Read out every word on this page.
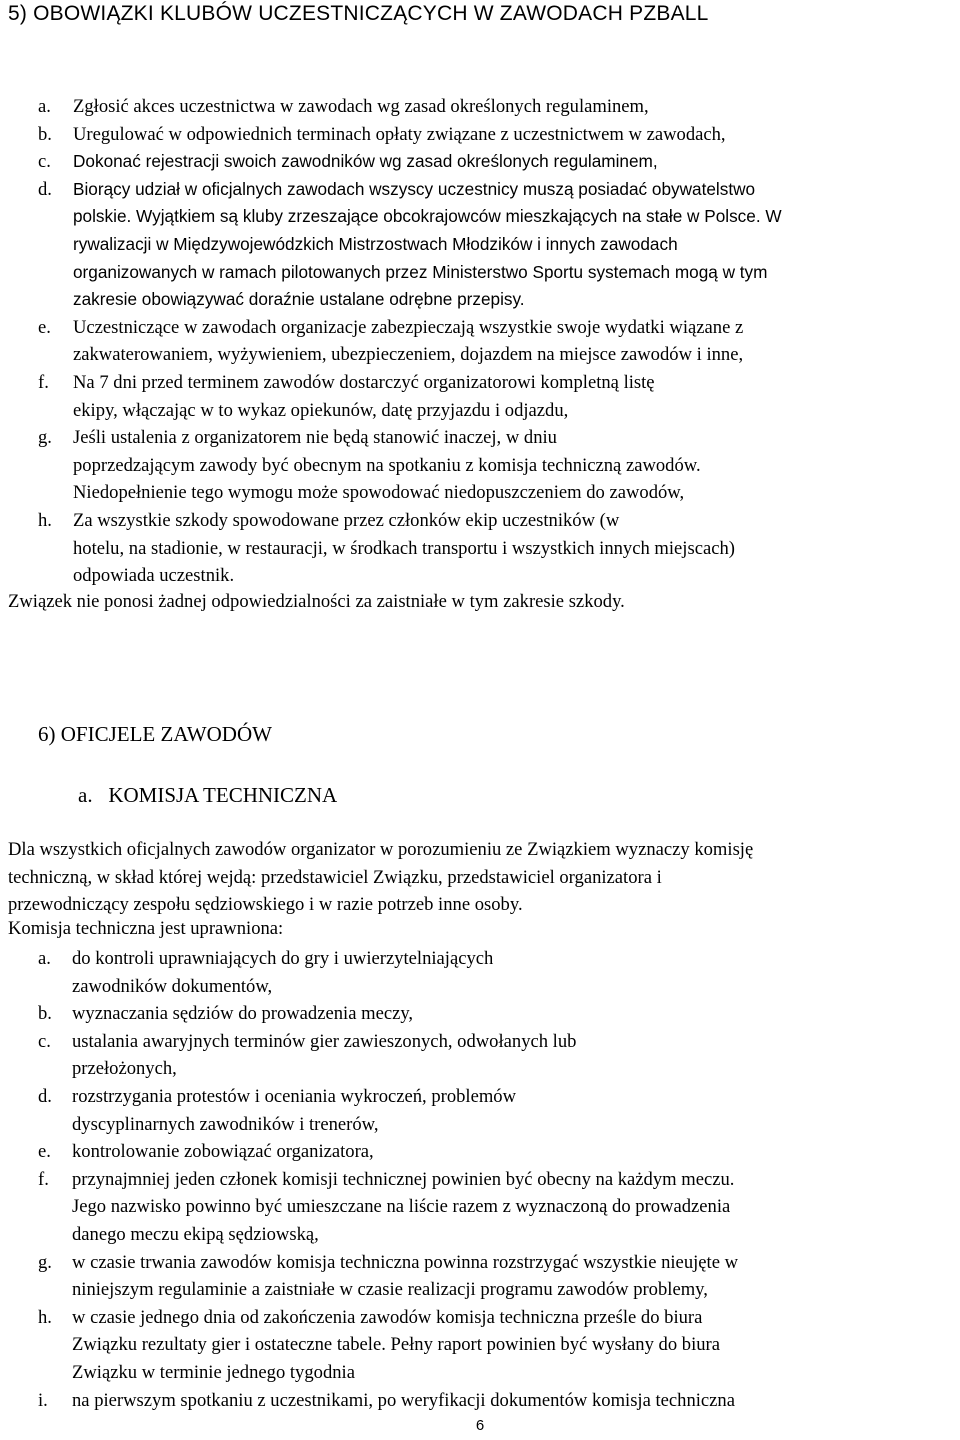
5) OBOWIĄZKI KLUBÓW UCZESTNICZĄCYCH W ZAWODACH PZBALL
a. Zgłosić akces uczestnictwa w zawodach wg zasad określonych regulaminem,
b. Uregulować w odpowiednich terminach opłaty związane z uczestnictwem w zawodach,
c. Dokonać rejestracji swoich zawodników wg zasad określonych regulaminem,
d. Biorący udział w oficjalnych zawodach wszyscy uczestnicy muszą posiadać obywatelstwo
polskie. Wyjątkiem są kluby zrzeszające obcokrajowców mieszkających na stałe w Polsce. W
rywalizacji w Międzywojewódzkich Mistrzostwach Młodzików i innych zawodach
organizowanych w ramach pilotowanych przez Ministerstwo Sportu systemach mogą w tym
zakresie obowiązywać doraźnie ustalane odrębne przepisy.
e. Uczestniczące w zawodach organizacje zabezpieczają wszystkie swoje wydatki wiązane z
zakwaterowaniem, wyżywieniem, ubezpieczeniem, dojazdem na miejsce zawodów i inne,
f. Na 7 dni przed terminem zawodów dostarczyć organizatorowi kompletną listę
ekipy, włączając w to wykaz opiekunów, datę przyjazdu i odjazdu,
g. Jeśli ustalenia z organizatorem nie będą stanowić inaczej, w dniu
poprzedzającym zawody być obecnym na spotkaniu z komisja techniczną zawodów.
Niedopełnienie tego wymogu może spowodować niedopuszczeniem do zawodów,
h. Za wszystkie szkody spowodowane przez członków ekip uczestników (w
hotelu, na stadionie, w restauracji, w środkach transportu i wszystkich innych miejscach)
odpowiada uczestnik.
Związek nie ponosi żadnej odpowiedzialności za zaistniałe w tym zakresie szkody.
6) OFICJELE ZAWODÓW
a.   KOMISJA TECHNICZNA
Dla wszystkich oficjalnych zawodów organizator w porozumieniu ze Związkiem wyznaczy komisję
techniczną, w skład której wejdą: przedstawiciel Związku, przedstawiciel organizatora i
przewodniczący zespołu sędziowskiego i w razie potrzeb inne osoby.
Komisja techniczna jest uprawniona:
a. do kontroli uprawniających do gry i uwierzytelniających
zawodników dokumentów,
b. wyznaczania sędziów do prowadzenia meczy,
c. ustalania awaryjnych terminów gier zawieszonych, odwołanych lub
przełożonych,
d. rozstrzygania protestów i oceniania wykroczeń, problemów
dyscyplinarnych zawodników i trenerów,
e. kontrolowanie zobowiązać organizatora,
f. przynajmniej jeden członek komisji technicznej powinien być obecny na każdym meczu.
Jego nazwisko powinno być umieszczane na liście razem z wyznaczoną do prowadzenia
danego meczu ekipą sędziowską,
g. w czasie trwania zawodów komisja techniczna powinna rozstrzygać wszystkie nieujęte w
niniejszym regulaminie a zaistniałe w czasie realizacji programu zawodów problemy,
h. w czasie jednego dnia od zakończenia zawodów komisja techniczna prześle do biura
Związku rezultaty gier i ostateczne tabele. Pełny raport powinien być wysłany do biura
Związku w terminie jednego tygodnia
i. na pierwszym spotkaniu z uczestnikami, po weryfikacji dokumentów komisja techniczna
6
